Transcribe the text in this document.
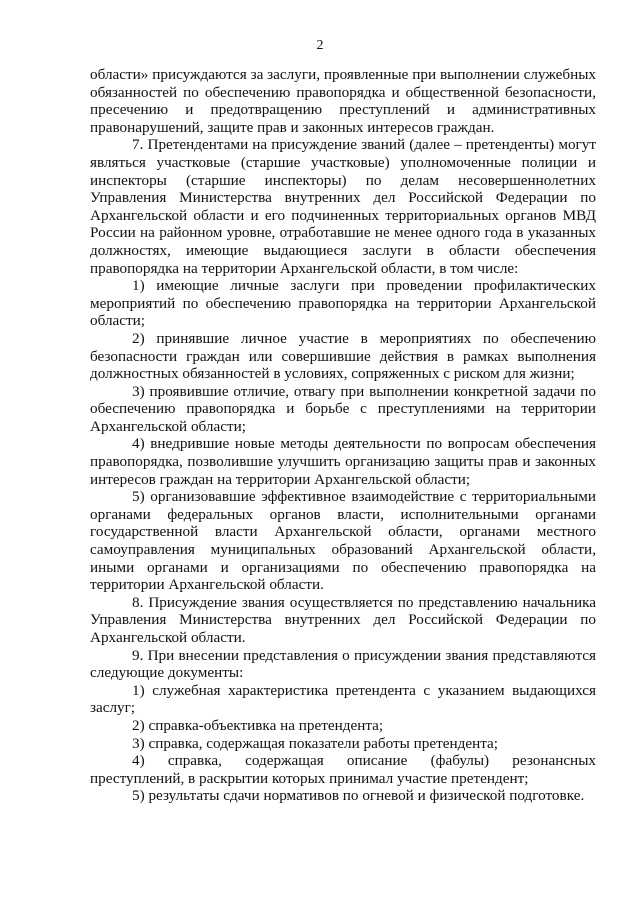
2

области» присуждаются за заслуги, проявленные при выполнении служебных обязанностей по обеспечению правопорядка и общественной безопасности, пресечению и предотвращению преступлений и административных правонарушений, защите прав и законных интересов граждан.

7. Претендентами на присуждение званий (далее – претенденты) могут являться участковые (старшие участковые) уполномоченные полиции и инспекторы (старшие инспекторы) по делам несовершеннолетних Управления Министерства внутренних дел Российской Федерации по Архангельской области и его подчиненных территориальных органов МВД России на районном уровне, отработавшие не менее одного года в указанных должностях, имеющие выдающиеся заслуги в области обеспечения правопорядка на территории Архангельской области, в том числе:

1) имеющие личные заслуги при проведении профилактических мероприятий по обеспечению правопорядка на территории Архангельской области;

2) принявшие личное участие в мероприятиях по обеспечению безопасности граждан или совершившие действия в рамках выполнения должностных обязанностей в условиях, сопряженных с риском для жизни;

3) проявившие отличие, отвагу при выполнении конкретной задачи по обеспечению правопорядка и борьбе с преступлениями на территории Архангельской области;

4) внедрившие новые методы деятельности по вопросам обеспечения правопорядка, позволившие улучшить организацию защиты прав и законных интересов граждан на территории Архангельской области;

5) организовавшие эффективное взаимодействие с территориальными органами федеральных органов власти, исполнительными органами государственной власти Архангельской области, органами местного самоуправления муниципальных образований Архангельской области, иными органами и организациями по обеспечению правопорядка на территории Архангельской области.

8. Присуждение звания осуществляется по представлению начальника Управления Министерства внутренних дел Российской Федерации по Архангельской области.

9. При внесении представления о присуждении звания представляются следующие документы:

1) служебная характеристика претендента с указанием выдающихся заслуг;

2) справка-объективка на претендента;

3) справка, содержащая показатели работы претендента;

4) справка, содержащая описание (фабулы) резонансных преступлений, в раскрытии которых принимал участие претендент;

5) результаты сдачи нормативов по огневой и физической подготовке.
